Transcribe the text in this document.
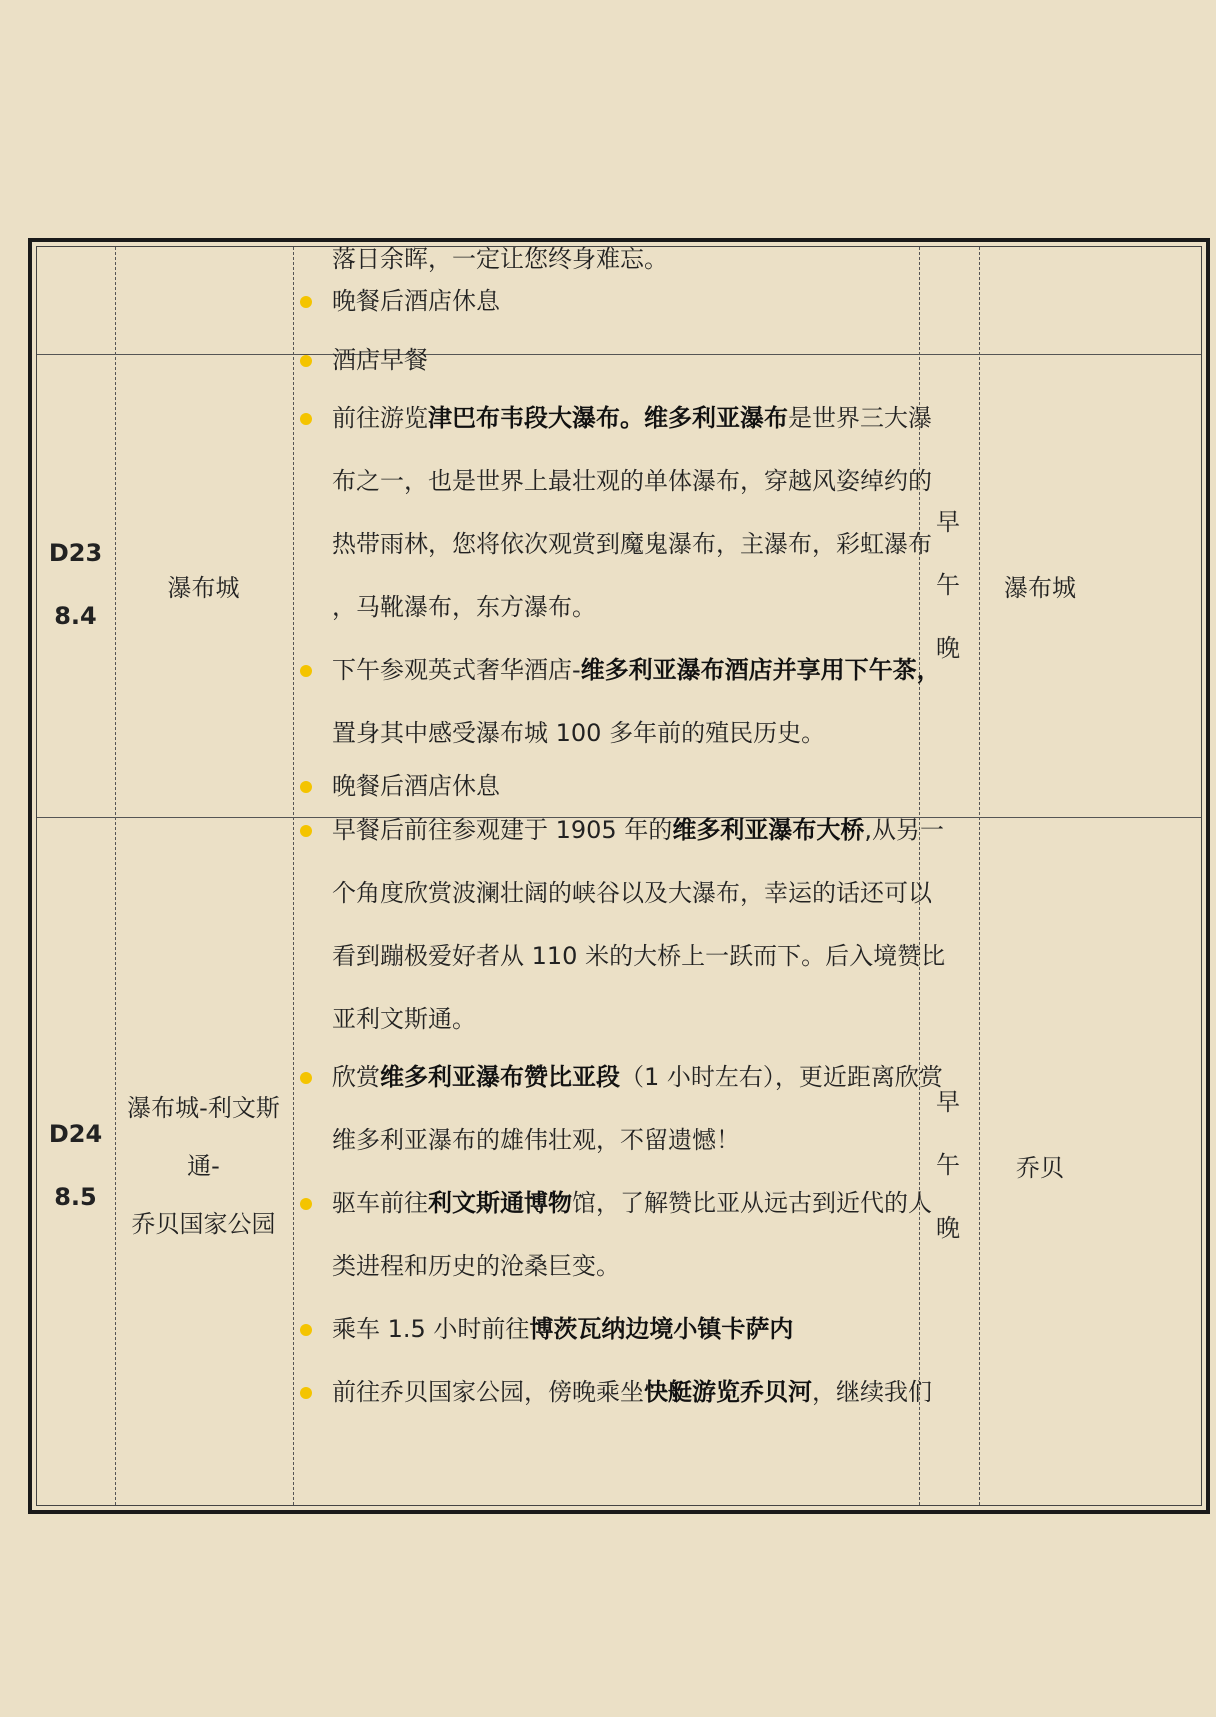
落日余晖，一定让您终身难忘。
晚餐后酒店休息
D23
8.4
瀑布城
早
午
晚
瀑布城
D24
8.5
瀑布城-利文斯通-
乔贝国家公园
早
午
晚
乔贝
酒店早餐
前往游览津巴布韦段大瀑布。维多利亚瀑布是世界三大瀑
布之一，也是世界上最壮观的单体瀑布，穿越风姿绰约的
热带雨林，您将依次观赏到魔鬼瀑布，主瀑布，彩虹瀑布
，马靴瀑布，东方瀑布。
下午参观英式奢华酒店-维多利亚瀑布酒店并享用下午茶，
置身其中感受瀑布城 100 多年前的殖民历史。
晚餐后酒店休息
早餐后前往参观建于 1905 年的维多利亚瀑布大桥,从另一
个角度欣赏波澜壮阔的峡谷以及大瀑布，幸运的话还可以
看到蹦极爱好者从 110 米的大桥上一跃而下。后入境赞比
亚利文斯通。
欣赏维多利亚瀑布赞比亚段（1 小时左右），更近距离欣赏
维多利亚瀑布的雄伟壮观，不留遗憾！
驱车前往利文斯通博物馆，了解赞比亚从远古到近代的人
类进程和历史的沧桑巨变。
乘车 1.5 小时前往博茨瓦纳边境小镇卡萨内
前往乔贝国家公园，傍晚乘坐快艇游览乔贝河，继续我们
